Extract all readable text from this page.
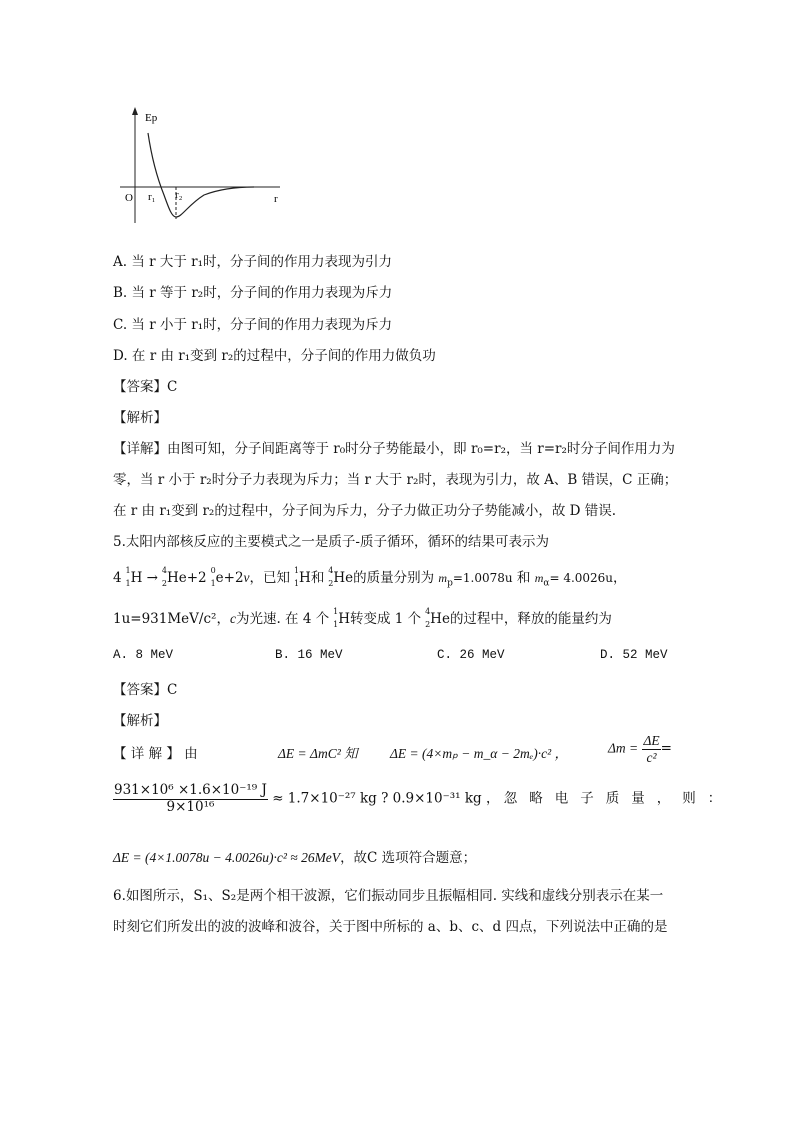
Ep
O r₁ r₂	r
A. 当 r 大于 r₁时，分子间的作用力表现为引力
B. 当 r 等于 r₂时，分子间的作用力表现为斥力
C. 当 r 小于 r₁时，分子间的作用力表现为斥力
D. 在 r 由 r₁变到 r₂的过程中，分子间的作用力做负功
【答案】C
【解析】
【详解】由图可知，分子间距离等于 r₀时分子势能最小，即 r₀=r₂，当 r=r₂时分子间作用力为
零，当 r 小于 r₂时分子力表现为斥力；当 r 大于 r₂时，表现为引力，故 A、B 错误，C 正确；
在 r 由 r₁变到 r₂的过程中，分子间为斥力，分子力做正功分子势能减小，故 D 错误.
5.太阳内部核反应的主要模式之一是质子-质子循环，循环的结果可表示为
4 1
1 H → 4
2 He+2 0
1 e+2ν，已知 1
1 H和 4
2 He的质量分别为 $m_p=1.0078u$ 和 $m_\alpha= 4.0026u$，
1u=931MeV/c²，c为光速. 在 4 个 1
1 H转变成 1 个 4
2 He的过程中，释放的能量约为
A. 8 MeV	B. 16 MeV	C. 26 MeV	D. 52 MeV
【答案】C
【解析】
【 详 解 】 由	ΔE = ΔmC² 知 ΔE = (4×mₚ − m_α − 2mₑ)·c² ，	$\Delta m = \frac{\Delta E}{\text{c²}}$ =
$\frac{\text{931×10⁶ ×1.6×10⁻¹⁹ J}}{\text{9×10¹⁶}} \approx 1.7\times 10^{-27}$ kg ? 0.9×10⁻³¹ kg ， 忽略电子质量，则：
ΔE = (4×1.0078u − 4.0026u)·c² ≈ 26MeV，故C 选项符合题意；
6.如图所示，S₁、S₂是两个相干波源，它们振动同步且振幅相同. 实线和虚线分别表示在某一
时刻它们所发出的波的波峰和波谷，关于图中所标的 a、b、c、d 四点，下列说法中正确的是
